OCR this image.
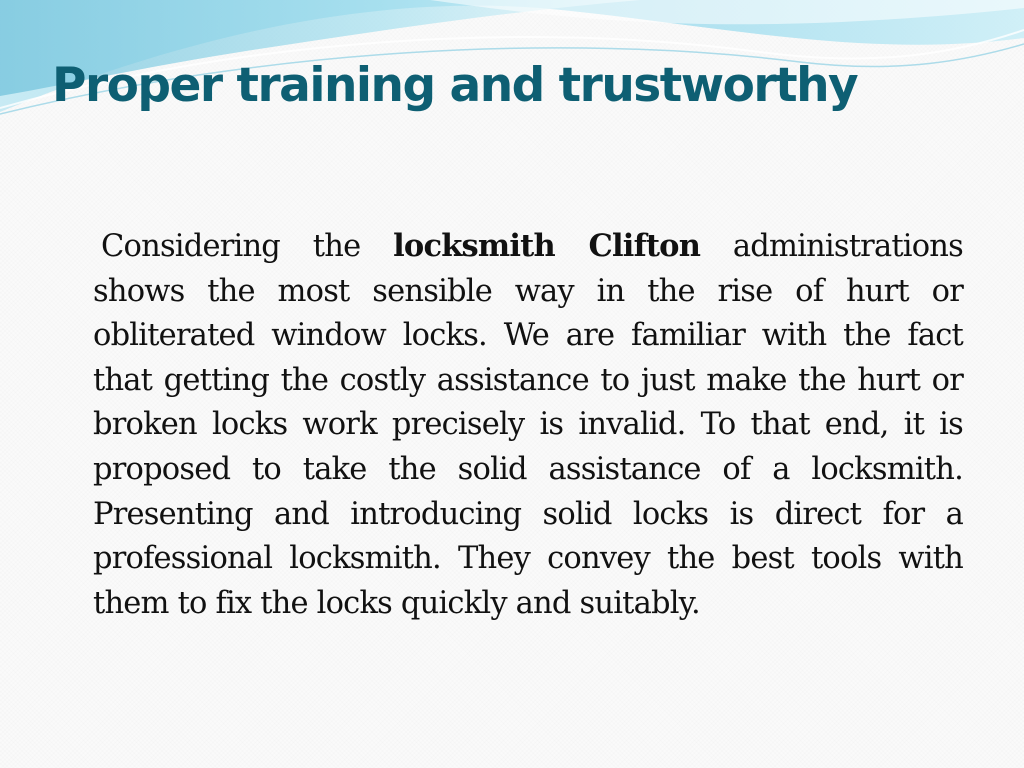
Proper training and trustworthy

Considering the locksmith Clifton administrations shows the most sensible way in the rise of hurt or obliterated window locks. We are familiar with the fact that getting the costly assistance to just make the hurt or broken locks work precisely is invalid. To that end, it is proposed to take the solid assistance of a locksmith. Presenting and introducing solid locks is direct for a professional locksmith. They convey the best tools with them to fix the locks quickly and suitably.
